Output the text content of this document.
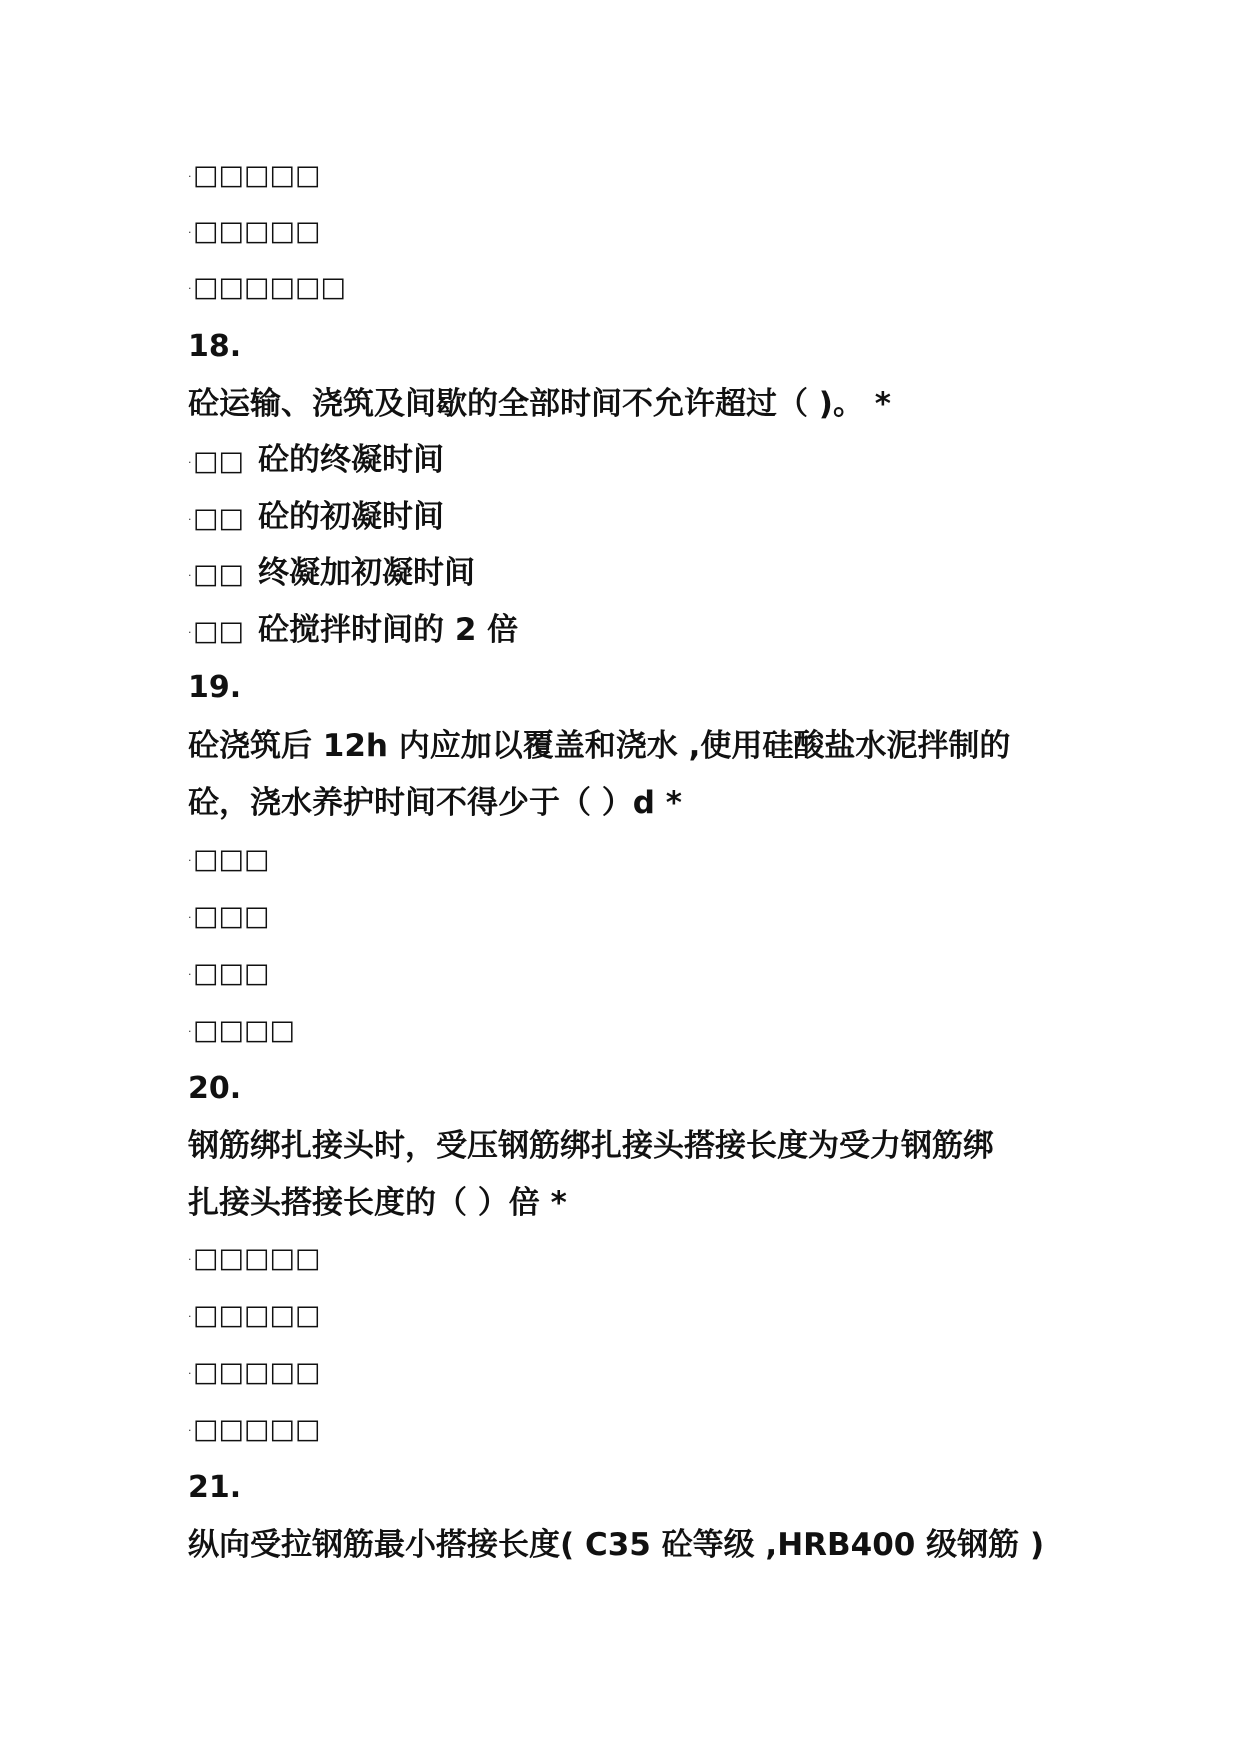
·□□□□□
·□□□□□
·□□□□□□
18.
砼运输、浇筑及间歇的全部时间不允许超过（ )。 *
·□□ 砼的终凝时间
·□□ 砼的初凝时间
·□□ 终凝加初凝时间
·□□ 砼搅拌时间的 2 倍
19.
砼浇筑后 12h 内应加以覆盖和浇水 ,使用硅酸盐水泥拌制的
砼，浇水养护时间不得少于（ ）d *
·□□□
·□□□
·□□□
·□□□□
20.
钢筋绑扎接头时，受压钢筋绑扎接头搭接长度为受力钢筋绑
扎接头搭接长度的（ ）倍 *
·□□□□□
·□□□□□
·□□□□□
·□□□□□
21.
纵向受拉钢筋最小搭接长度( C35 砼等级 ,HRB400 级钢筋 )
